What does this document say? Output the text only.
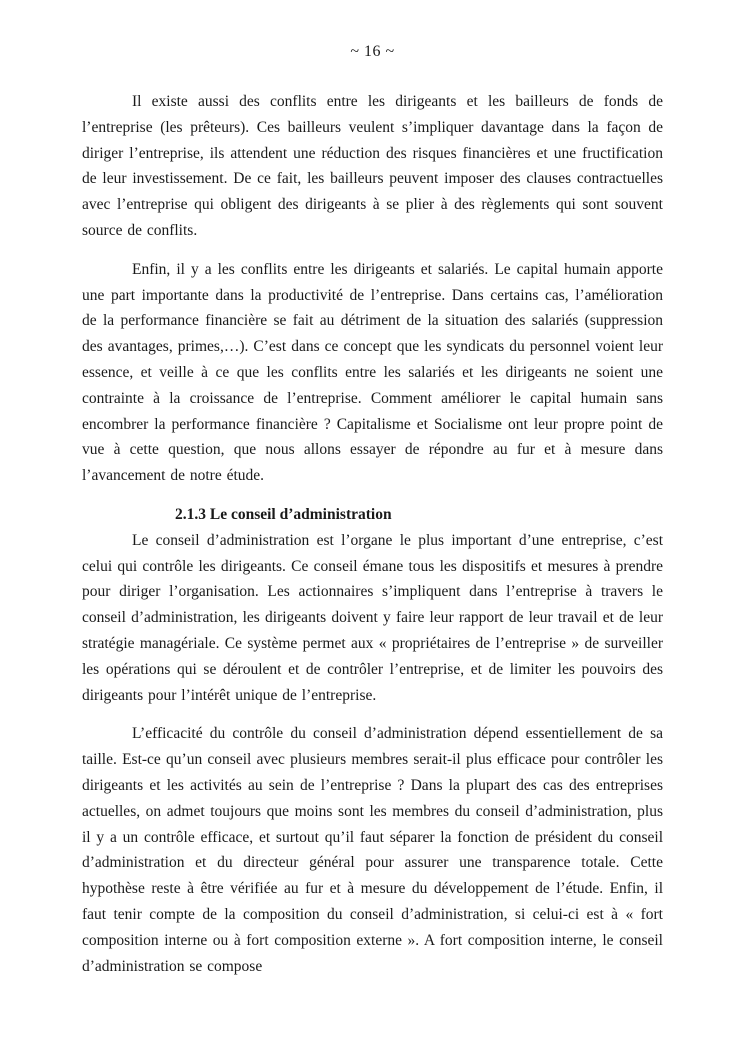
~ 16 ~

Il existe aussi des conflits entre les dirigeants et les bailleurs de fonds de l’entreprise (les prêteurs). Ces bailleurs veulent s’impliquer davantage dans la façon de diriger l’entreprise, ils attendent une réduction des risques financières et une fructification de leur investissement. De ce fait, les bailleurs peuvent imposer des clauses contractuelles avec l’entreprise qui obligent des dirigeants à se plier à des règlements qui sont souvent source de conflits.

Enfin, il y a les conflits entre les dirigeants et salariés. Le capital humain apporte une part importante dans la productivité de l’entreprise. Dans certains cas, l’amélioration de la performance financière se fait au détriment de la situation des salariés (suppression des avantages, primes,…). C’est dans ce concept que les syndicats du personnel voient leur essence, et veille à ce que les conflits entre les salariés et les dirigeants ne soient une contrainte à la croissance de l’entreprise. Comment améliorer le capital humain sans encombrer la performance financière ? Capitalisme et Socialisme ont leur propre point de vue à cette question, que nous allons essayer de répondre au fur et à mesure dans l’avancement de notre étude.

2.1.3 Le conseil d’administration

Le conseil d’administration est l’organe le plus important d’une entreprise, c’est celui qui contrôle les dirigeants. Ce conseil émane tous les dispositifs et mesures à prendre pour diriger l’organisation. Les actionnaires s’impliquent dans l’entreprise à travers le conseil d’administration, les dirigeants doivent y faire leur rapport de leur travail et de leur stratégie managériale. Ce système permet aux « propriétaires de l’entreprise » de surveiller les opérations qui se déroulent et de contrôler l’entreprise, et de limiter les pouvoirs des dirigeants pour l’intérêt unique de l’entreprise.

L’efficacité du contrôle du conseil d’administration dépend essentiellement de sa taille. Est-ce qu’un conseil avec plusieurs membres serait-il plus efficace pour contrôler les dirigeants et les activités au sein de l’entreprise ? Dans la plupart des cas des entreprises actuelles, on admet toujours que moins sont les membres du conseil d’administration, plus il y a un contrôle efficace, et surtout qu’il faut séparer la fonction de président du conseil d’administration et du directeur général pour assurer une transparence totale. Cette hypothèse reste à être vérifiée au fur et à mesure du développement de l’étude. Enfin, il faut tenir compte de la composition du conseil d’administration, si celui-ci est à « fort composition interne ou à fort composition externe ». A fort composition interne, le conseil d’administration se compose
